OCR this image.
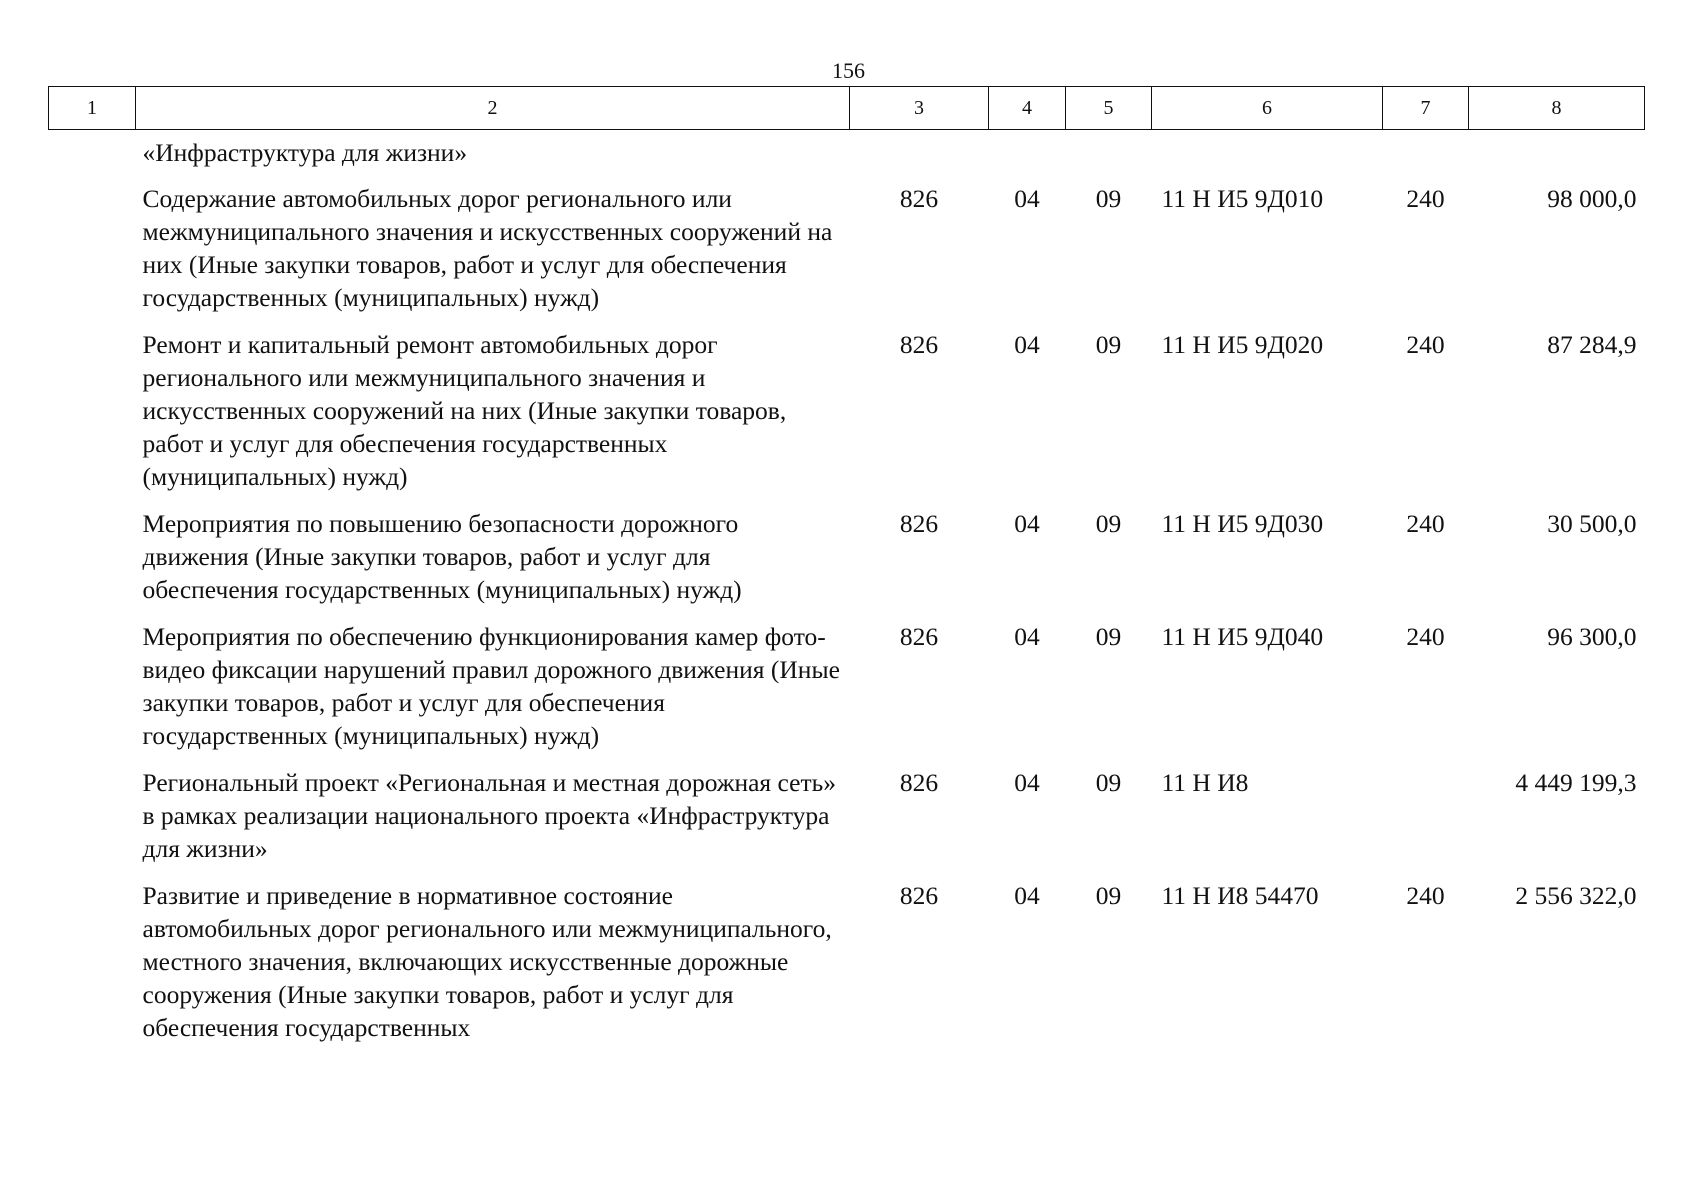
156
1	2	3	4	5	6	7	8
	«Инфраструктура для жизни»						
	Содержание автомобильных дорог регионального или межмуниципального значения и искусственных сооружений на них (Иные закупки товаров, работ и услуг для обеспечения государственных (муниципальных) нужд)	826	04	09	11 Н И5 9Д010	240	98 000,0
	Ремонт и капитальный ремонт автомобильных дорог регионального или межмуниципального значения и искусственных сооружений на них (Иные закупки товаров, работ и услуг для обеспечения государственных (муниципальных) нужд)	826	04	09	11 Н И5 9Д020	240	87 284,9
	Мероприятия по повышению безопасности дорожного движения (Иные закупки товаров, работ и услуг для обеспечения государственных (муниципальных) нужд)	826	04	09	11 Н И5 9Д030	240	30 500,0
	Мероприятия по обеспечению функционирования камер фото-видео фиксации нарушений правил дорожного движения (Иные закупки товаров, работ и услуг для обеспечения государственных (муниципальных) нужд)	826	04	09	11 Н И5 9Д040	240	96 300,0
	Региональный проект «Региональная и местная дорожная сеть» в рамках реализации национального проекта «Инфраструктура для жизни»	826	04	09	11 Н И8		4 449 199,3
	Развитие и приведение в нормативное состояние автомобильных дорог регионального или межмуниципального, местного значения, включающих искусственные дорожные сооружения (Иные закупки товаров, работ и услуг для обеспечения государственных	826	04	09	11 Н И8 54470	240	2 556 322,0
